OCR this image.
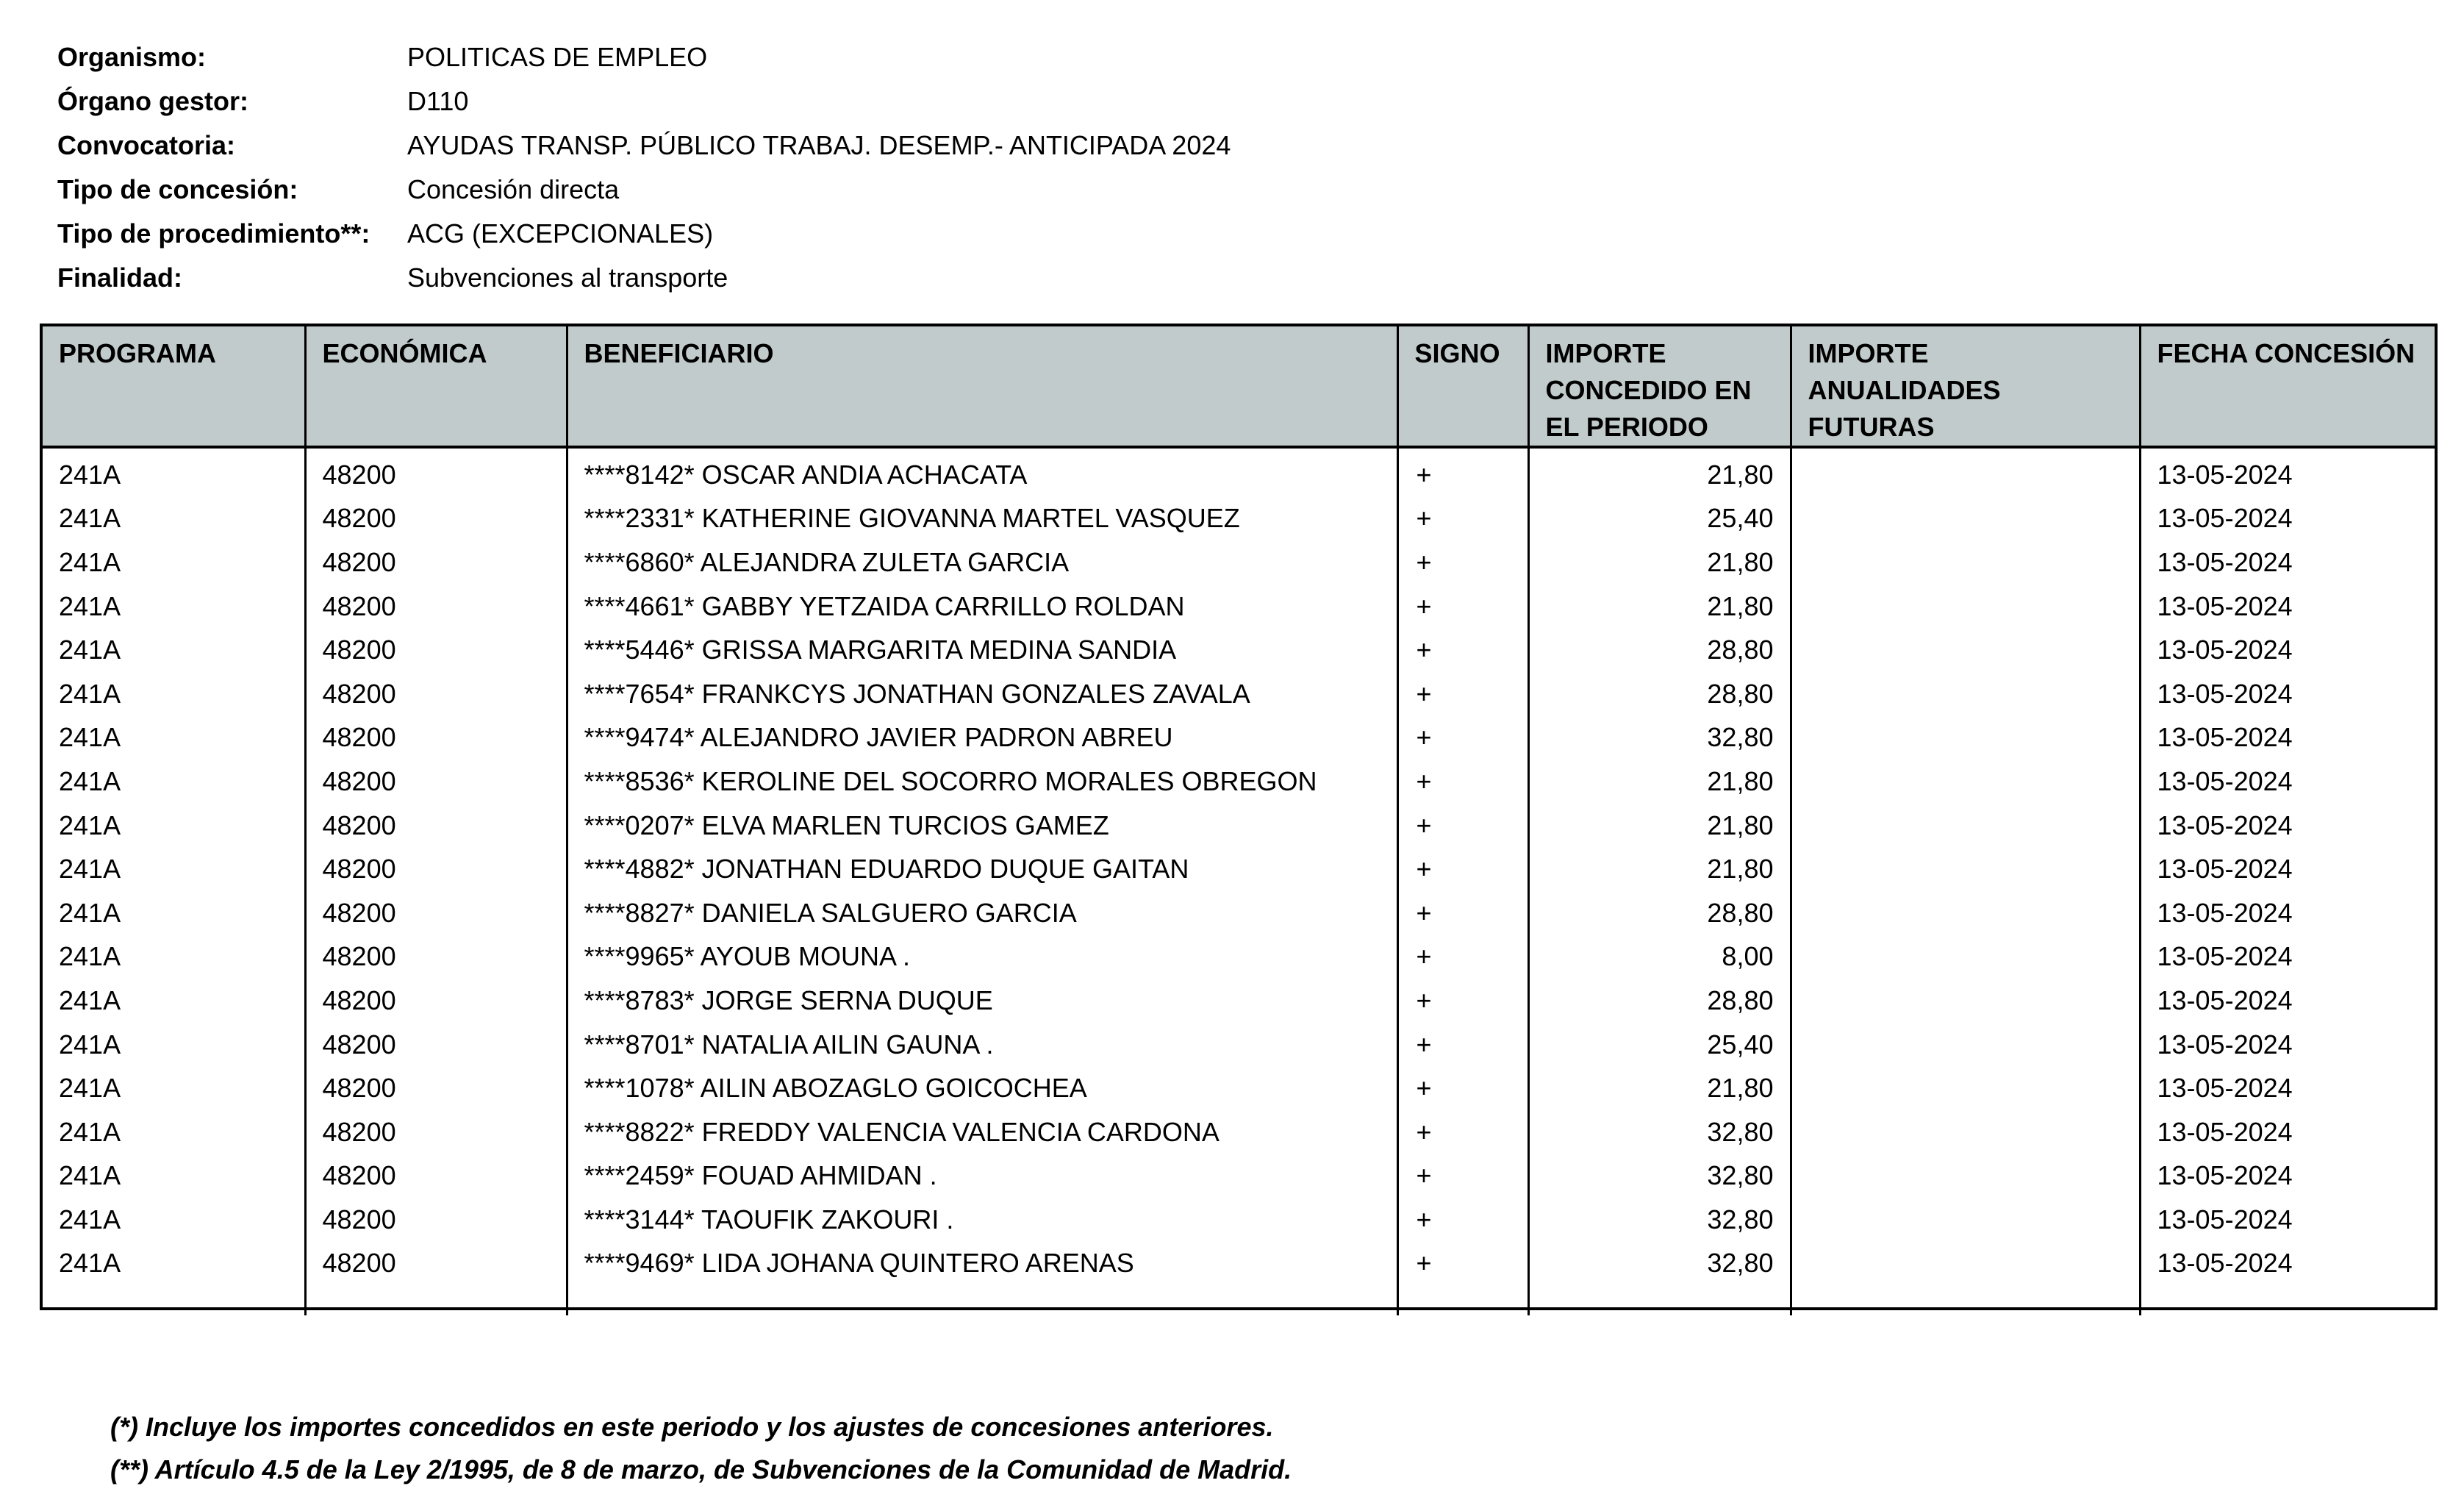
Organismo:	POLITICAS DE EMPLEO
Órgano gestor:	D110
Convocatoria:	AYUDAS TRANSP. PÚBLICO TRABAJ. DESEMP.- ANTICIPADA 2024
Tipo de concesión:	Concesión directa
Tipo de procedimiento**:	ACG (EXCEPCIONALES)
Finalidad:	Subvenciones al transporte
PROGRAMA	ECONÓMICA	BENEFICIARIO	SIGNO	IMPORTE CONCEDIDO EN EL PERIODO	IMPORTE ANUALIDADES FUTURAS	FECHA CONCESIÓN
241A	48200	****8142* OSCAR ANDIA ACHACATA	+	21,80		13-05-2024
241A	48200	****2331* KATHERINE GIOVANNA MARTEL VASQUEZ	+	25,40		13-05-2024
241A	48200	****6860* ALEJANDRA ZULETA GARCIA	+	21,80		13-05-2024
241A	48200	****4661* GABBY YETZAIDA CARRILLO ROLDAN	+	21,80		13-05-2024
241A	48200	****5446* GRISSA MARGARITA MEDINA SANDIA	+	28,80		13-05-2024
241A	48200	****7654* FRANKCYS JONATHAN GONZALES ZAVALA	+	28,80		13-05-2024
241A	48200	****9474* ALEJANDRO JAVIER PADRON ABREU	+	32,80		13-05-2024
241A	48200	****8536* KEROLINE DEL SOCORRO MORALES OBREGON	+	21,80		13-05-2024
241A	48200	****0207* ELVA MARLEN TURCIOS GAMEZ	+	21,80		13-05-2024
241A	48200	****4882* JONATHAN EDUARDO DUQUE GAITAN	+	21,80		13-05-2024
241A	48200	****8827* DANIELA SALGUERO GARCIA	+	28,80		13-05-2024
241A	48200	****9965* AYOUB MOUNA .	+	8,00		13-05-2024
241A	48200	****8783* JORGE SERNA DUQUE	+	28,80		13-05-2024
241A	48200	****8701* NATALIA AILIN GAUNA .	+	25,40		13-05-2024
241A	48200	****1078* AILIN ABOZAGLO GOICOCHEA	+	21,80		13-05-2024
241A	48200	****8822* FREDDY VALENCIA VALENCIA CARDONA	+	32,80		13-05-2024
241A	48200	****2459* FOUAD AHMIDAN .	+	32,80		13-05-2024
241A	48200	****3144* TAOUFIK ZAKOURI .	+	32,80		13-05-2024
241A	48200	****9469* LIDA JOHANA QUINTERO ARENAS	+	32,80		13-05-2024

(*) Incluye los importes concedidos en este periodo y los ajustes de concesiones anteriores.
(**) Artículo 4.5 de la Ley 2/1995, de 8 de marzo, de Subvenciones de la Comunidad de Madrid.
